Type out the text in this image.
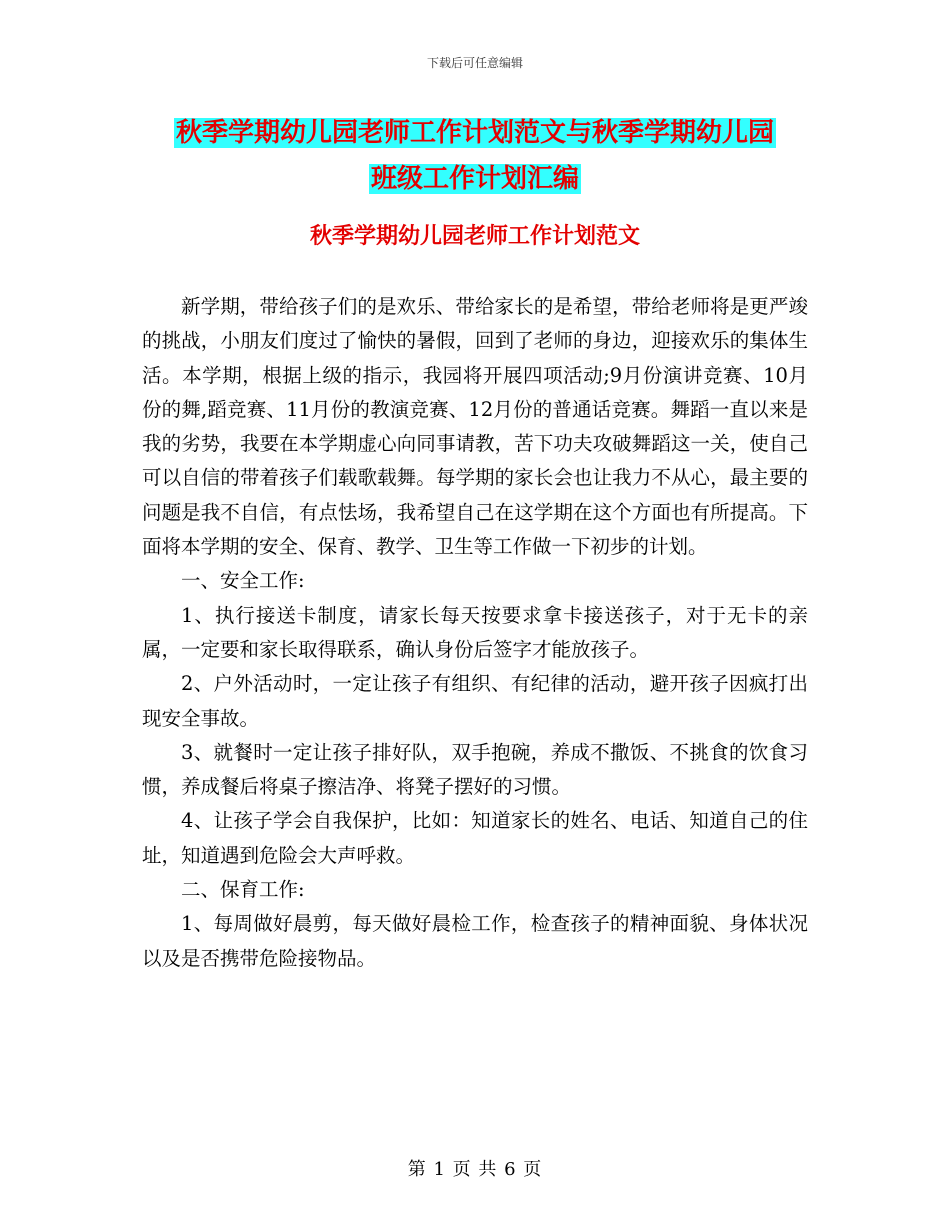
下载后可任意编辑
秋季学期幼儿园老师工作计划范文与秋季学期幼儿园
班级工作计划汇编
秋季学期幼儿园老师工作计划范文

新学期，带给孩子们的是欢乐、带给家长的是希望，带给老师将是更严竣的挑战，小朋友们度过了愉快的暑假，回到了老师的身边，迎接欢乐的集体生活。本学期，根据上级的指示，我园将开展四项活动;9月份演讲竞赛、10月份的舞,蹈竞赛、11月份的教演竞赛、12月份的普通话竞赛。舞蹈一直以来是我的劣势，我要在本学期虚心向同事请教，苦下功夫攻破舞蹈这一关，使自己可以自信的带着孩子们载歌载舞。每学期的家长会也让我力不从心，最主要的问题是我不自信，有点怯场，我希望自己在这学期在这个方面也有所提高。下面将本学期的安全、保育、教学、卫生等工作做一下初步的计划。

一、安全工作:

1、执行接送卡制度，请家长每天按要求拿卡接送孩子，对于无卡的亲属，一定要和家长取得联系，确认身份后签字才能放孩子。

2、户外活动时，一定让孩子有组织、有纪律的活动，避开孩子因疯打出现安全事故。

3、就餐时一定让孩子排好队，双手抱碗，养成不撒饭、不挑食的饮食习惯，养成餐后将桌子擦洁净、将凳子摆好的习惯。

4、让孩子学会自我保护，比如：知道家长的姓名、电话、知道自己的住址，知道遇到危险会大声呼救。

二、保育工作:

1、每周做好晨剪，每天做好晨检工作，检查孩子的精神面貌、身体状况以及是否携带危险接物品。

第 1 页 共 6 页
